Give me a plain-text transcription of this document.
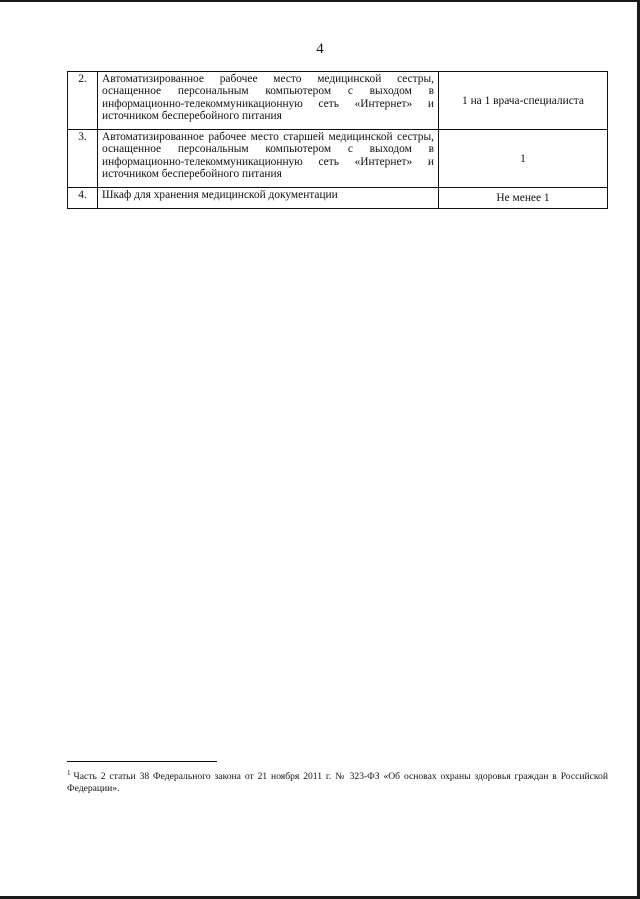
4
2.	Автоматизированное рабочее место медицинской сестры, оснащенное персональным компьютером с выходом в информационно-телекоммуникационную сеть «Интернет» и источником бесперебойного питания	1 на 1 врача-специалиста
3.	Автоматизированное рабочее место старшей медицинской сестры, оснащенное персональным компьютером с выходом в информационно-телекоммуникационную сеть «Интернет» и источником бесперебойного питания	1
4.	Шкаф для хранения медицинской документации	Не менее 1
$^1$ Часть 2 статьи 38 Федерального закона от 21 ноября 2011 г. № 323-ФЗ «Об основах охраны здоровья граждан в Российской Федерации».
